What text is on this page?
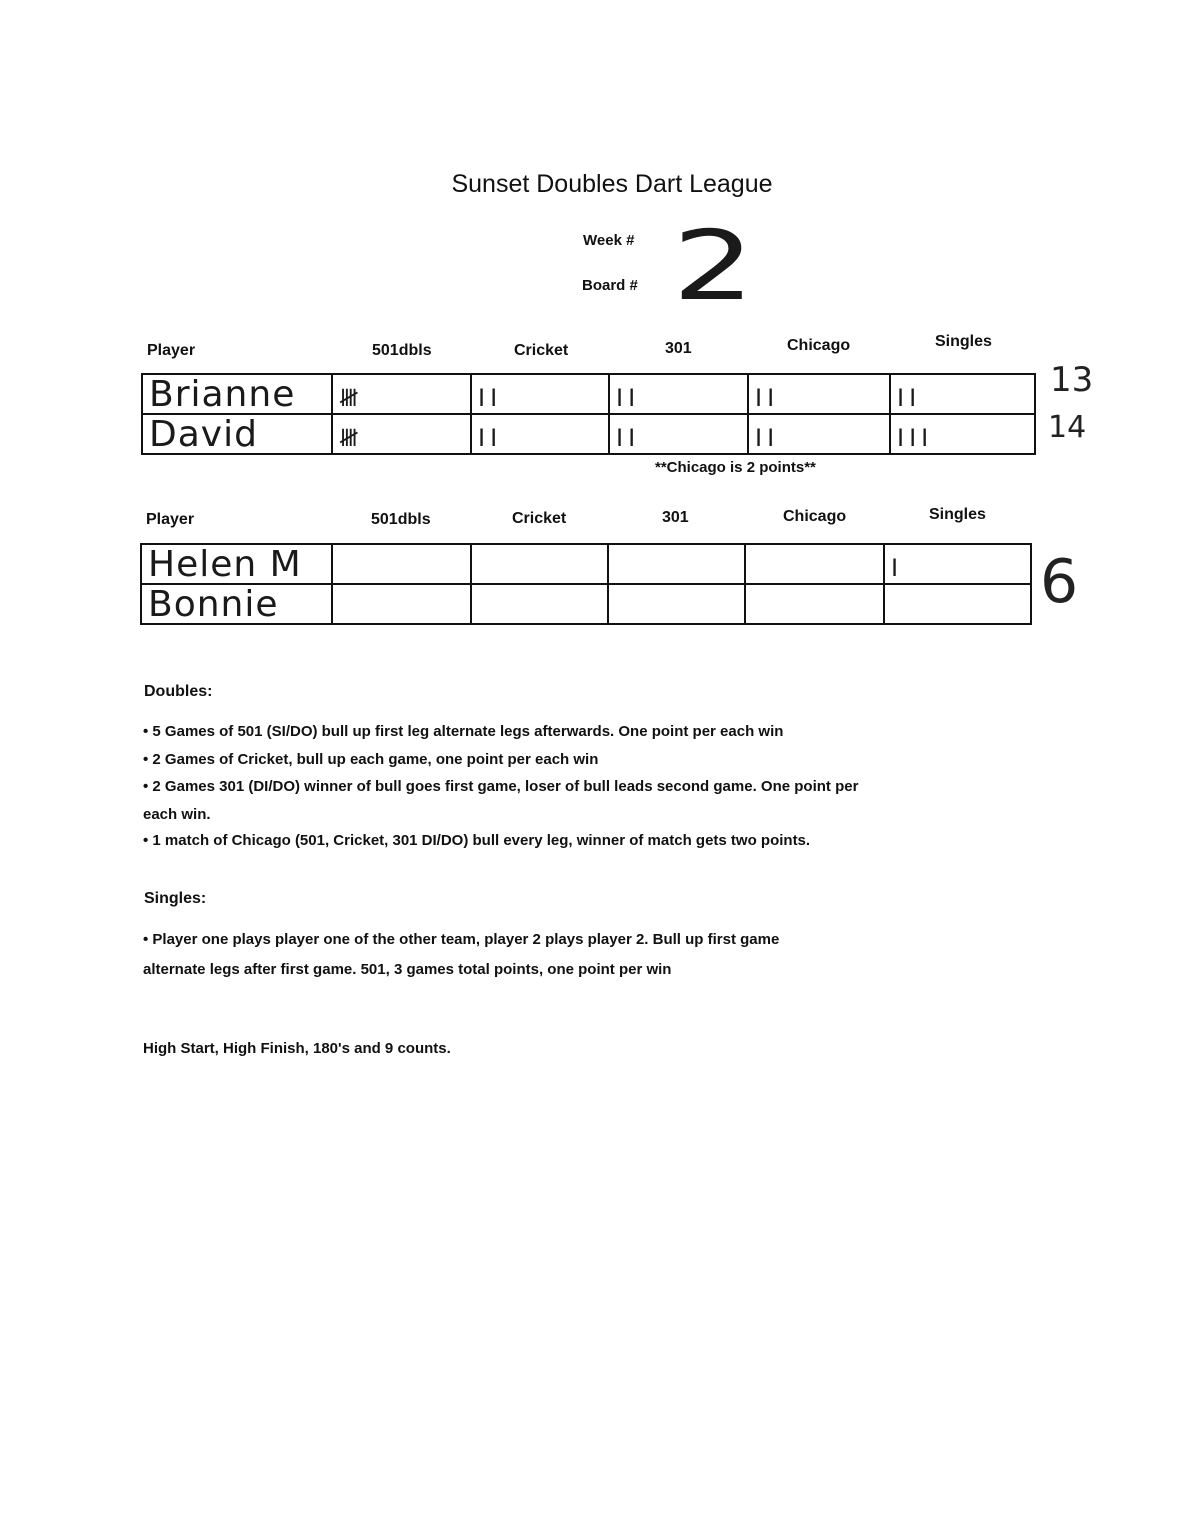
Sunset Doubles Dart League
Week #
Board # 2
Player	501dbls	Cricket	301	Chicago	Singles
Brianne	𝍸	II	II	II	II
David	𝍸	II	II	II	III
13
14
**Chicago is 2 points**
Player	501dbls	Cricket	301	Chicago	Singles
Helen M					I
Bonnie						6
Doubles:
• 5 Games of 501 (SI/DO) bull up first leg alternate legs afterwards. One point per each win
• 2 Games of Cricket, bull up each game, one point per each win
• 2 Games 301 (DI/DO) winner of bull goes first game, loser of bull leads second game. One point per each win.
• 1 match of Chicago (501, Cricket, 301 DI/DO) bull every leg, winner of match gets two points.
Singles:
• Player one plays player one of the other team, player 2 plays player 2. Bull up first game alternate legs after first game. 501, 3 games total points, one point per win
High Start, High Finish, 180's and 9 counts.
